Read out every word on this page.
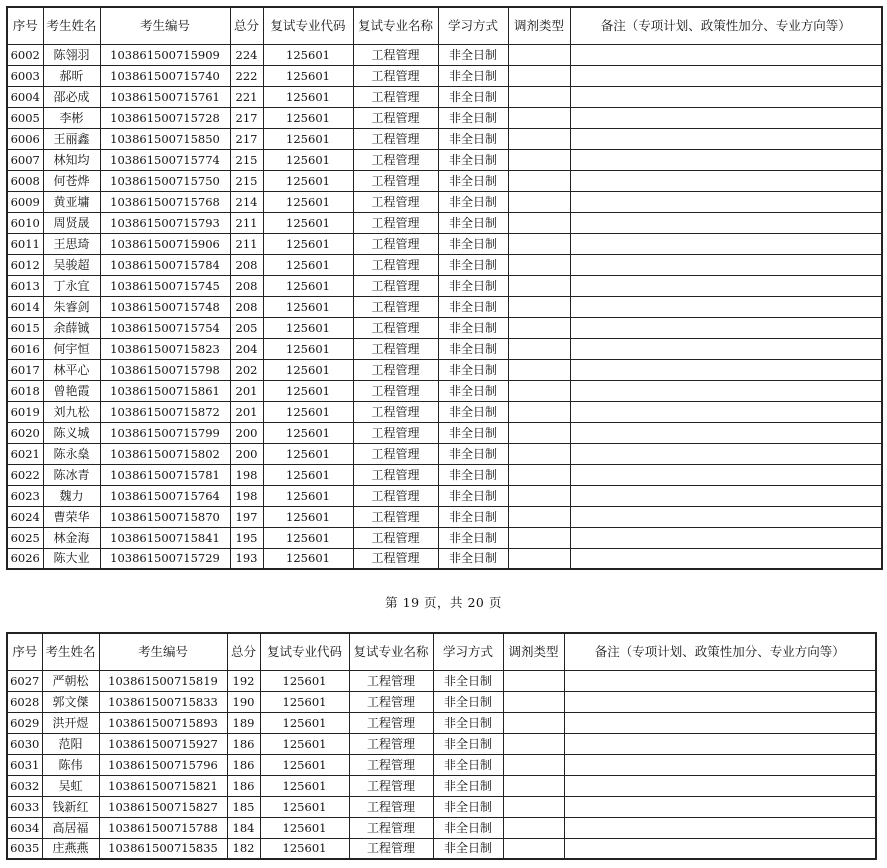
序号	考生姓名	考生编号	总分	复试专业代码	复试专业名称	学习方式	调剂类型	备注（专项计划、政策性加分、专业方向等）
6002	陈翎羽	103861500715909	224	125601	工程管理	非全日制		
6003	郝昕	103861500715740	222	125601	工程管理	非全日制		
6004	邵必成	103861500715761	221	125601	工程管理	非全日制		
6005	李彬	103861500715728	217	125601	工程管理	非全日制		
6006	王丽鑫	103861500715850	217	125601	工程管理	非全日制		
6007	林知均	103861500715774	215	125601	工程管理	非全日制		
6008	何苍烨	103861500715750	215	125601	工程管理	非全日制		
6009	黄亚墉	103861500715768	214	125601	工程管理	非全日制		
6010	周贤晟	103861500715793	211	125601	工程管理	非全日制		
6011	王思琦	103861500715906	211	125601	工程管理	非全日制		
6012	吴骏超	103861500715784	208	125601	工程管理	非全日制		
6013	丁永宜	103861500715745	208	125601	工程管理	非全日制		
6014	朱睿剑	103861500715748	208	125601	工程管理	非全日制		
6015	余薛铖	103861500715754	205	125601	工程管理	非全日制		
6016	何宇恒	103861500715823	204	125601	工程管理	非全日制		
6017	林平心	103861500715798	202	125601	工程管理	非全日制		
6018	曾艳霞	103861500715861	201	125601	工程管理	非全日制		
6019	刘九松	103861500715872	201	125601	工程管理	非全日制		
6020	陈义城	103861500715799	200	125601	工程管理	非全日制		
6021	陈永燊	103861500715802	200	125601	工程管理	非全日制		
6022	陈冰青	103861500715781	198	125601	工程管理	非全日制		
6023	魏力	103861500715764	198	125601	工程管理	非全日制		
6024	曹荣华	103861500715870	197	125601	工程管理	非全日制		
6025	林金海	103861500715841	195	125601	工程管理	非全日制		
6026	陈大业	103861500715729	193	125601	工程管理	非全日制		
第 19 页，共 20 页
序号	考生姓名	考生编号	总分	复试专业代码	复试专业名称	学习方式	调剂类型	备注（专项计划、政策性加分、专业方向等）
6027	严朝松	103861500715819	192	125601	工程管理	非全日制		
6028	郭文傑	103861500715833	190	125601	工程管理	非全日制		
6029	洪开煜	103861500715893	189	125601	工程管理	非全日制		
6030	范阳	103861500715927	186	125601	工程管理	非全日制		
6031	陈伟	103861500715796	186	125601	工程管理	非全日制		
6032	吴虹	103861500715821	186	125601	工程管理	非全日制		
6033	钱新红	103861500715827	185	125601	工程管理	非全日制		
6034	高居福	103861500715788	184	125601	工程管理	非全日制		
6035	庄燕燕	103861500715835	182	125601	工程管理	非全日制		
